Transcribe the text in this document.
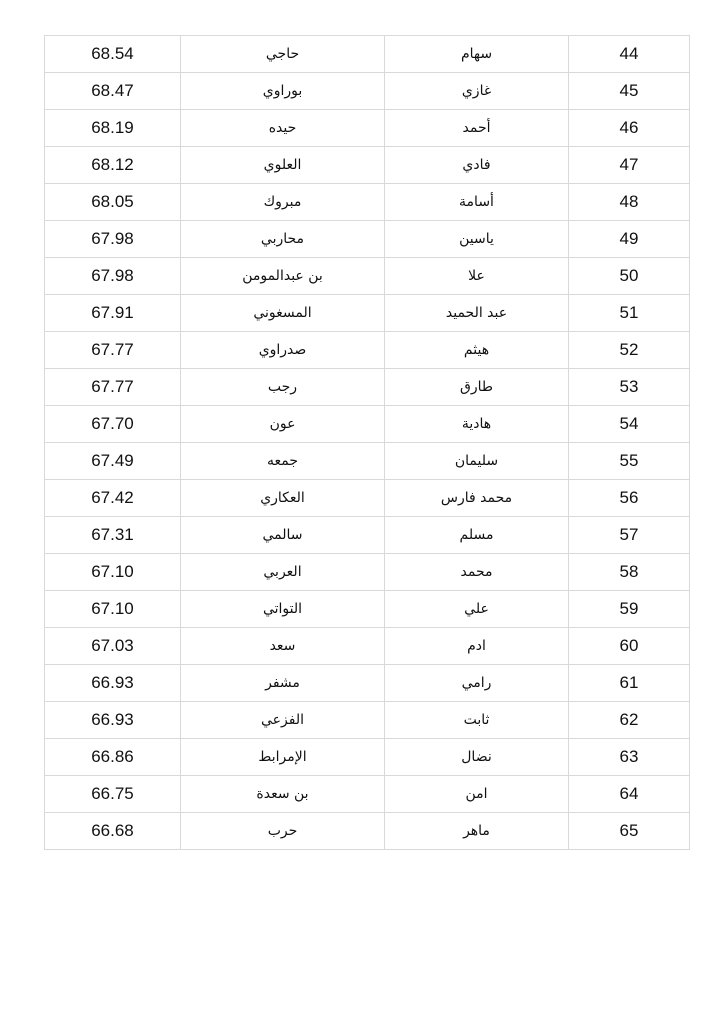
68.54	حاجي	سهام	44
68.47	بوراوي	غازي	45
68.19	حيده	أحمد	46
68.12	العلوي	فادي	47
68.05	مبروك	أسامة	48
67.98	محاربي	ياسين	49
67.98	بن عبدالمومن	علا	50
67.91	المسغوني	عبد الحميد	51
67.77	صدراوي	هيثم	52
67.77	رجب	طارق	53
67.70	عون	هادية	54
67.49	جمعه	سليمان	55
67.42	العكاري	محمد فارس	56
67.31	سالمي	مسلم	57
67.10	العربي	محمد	58
67.10	التواتي	علي	59
67.03	سعد	ادم	60
66.93	مشفر	رامي	61
66.93	الفزعي	ثابت	62
66.86	الإمرابط	نضال	63
66.75	بن سعدة	امن	64
66.68	حرب	ماهر	65
